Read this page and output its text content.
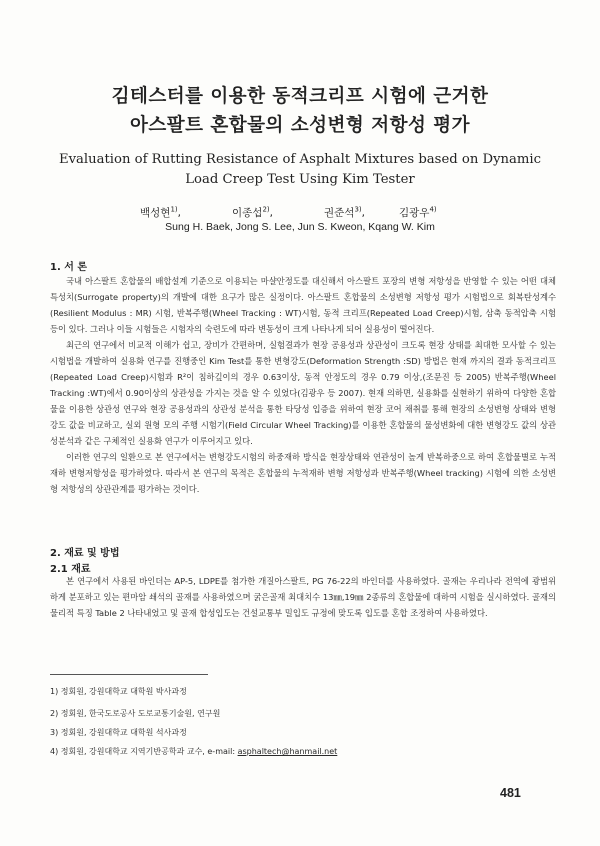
김테스터를 이용한 동적크리프 시험에 근거한
아스팔트 혼합물의 소성변형 저항성 평가
Evaluation of Rutting Resistance of Asphalt Mixtures based on Dynamic
Load Creep Test Using Kim Tester
백성현$^{1)}$,	이종섭$^{2)}$,	권준석$^{3)}$,	김광우$^{4)}$
Sung H. Baek, Jong S. Lee, Jun S. Kweon, Kqang W. Kim
1. 서 론

국내 아스팔트 혼합물의 배합설계 기준으로 이용되는 마샬안정도를 대신해서 아스팔트 포장의 변형 저항성을 반영할 수 있는 어떤 대체 특성치(Surrogate property)의 개발에 대한 요구가 많은 실정이다. 아스팔트 혼합물의 소성변형 저항성 평가 시험법으로 회복탄성계수(Resilient Modulus : MR) 시험, 반복주행(Wheel Tracking : WT)시험, 동적 크리프(Repeated Load Creep)시험, 삼축 동적압축 시험 등이 있다. 그러나 이들 시험들은 시험자의 숙련도에 따라 변동성이 크게 나타나게 되어 실용성이 떨어진다.

최근의 연구에서 비교적 이해가 쉽고, 장비가 간편하며, 실험결과가 현장 공용성과 상관성이 크도록 현장 상태를 최대한 모사할 수 있는 시험법을 개발하여 실용화 연구를 진행중인 Kim Test를 통한 변형강도(Deformation Strength :SD) 방법은 현재 까지의 결과 동적크리프(Repeated Load Creep)시험과 R²이 침하깊이의 경우 0.63이상, 동적 안정도의 경우 0.79 이상,(조문진 등 2005) 반복주행(Wheel Tracking :WT)에서 0.90이상의 상관성을 가지는 것을 알 수 있었다(김광우 등 2007). 현재 의하면, 실용화를 실현하기 위하여 다양한 혼합물을 이용한 상관성 연구와 현장 공용성과의 상관성 분석을 통한 타당성 입증을 위하여 현장 코어 채취를 통해 현장의 소성변형 상태와 변형강도 값을 비교하고, 실외 원형 모의 주행 시험기(Field Circular Wheel Tracking)를 이용한 혼합물의 물성변화에 대한 변형강도 값의 상관성분석과 같은 구체적인 실용화 연구가 이루어지고 있다.

이러한 연구의 일환으로 본 연구에서는 변형강도시험의 하중재하 방식을 현장상태와 연관성이 높게 반복하중으로 하여 혼합물별로 누적재하 변형저항성을 평가하였다. 따라서 본 연구의 목적은 혼합물의 누적재하 변형 저항성과 반복주행(Wheel tracking) 시험에 의한 소성변형 저항성의 상관관계를 평가하는 것이다.

2. 재료 및 방법
2.1 재료

본 연구에서 사용된 바인더는 AP-5, LDPE를 첨가한 개질아스팔트, PG 76-22의 바인더를 사용하였다. 골재는 우리나라 전역에 광범위하게 분포하고 있는 편마암 쇄석의 골재를 사용하였으며 굵은골재 최대치수 13㎜,19㎜ 2종류의 혼합물에 대하여 시험을 실시하였다. 골재의 물리적 특징 Table 2 나타내었고 및 골재 합성입도는 건설교통부 밀입도 규정에 맞도록 입도를 혼합 조정하여 사용하였다.

1) 정회원, 강원대학교 대학원 박사과정
2) 정회원, 한국도로공사 도로교통기술원, 연구원
3) 정회원, 강원대학교 대학원 석사과정
4) 정회원, 강원대학교 지역기반공학과 교수, e-mail: asphaltech@hanmail.net
481
